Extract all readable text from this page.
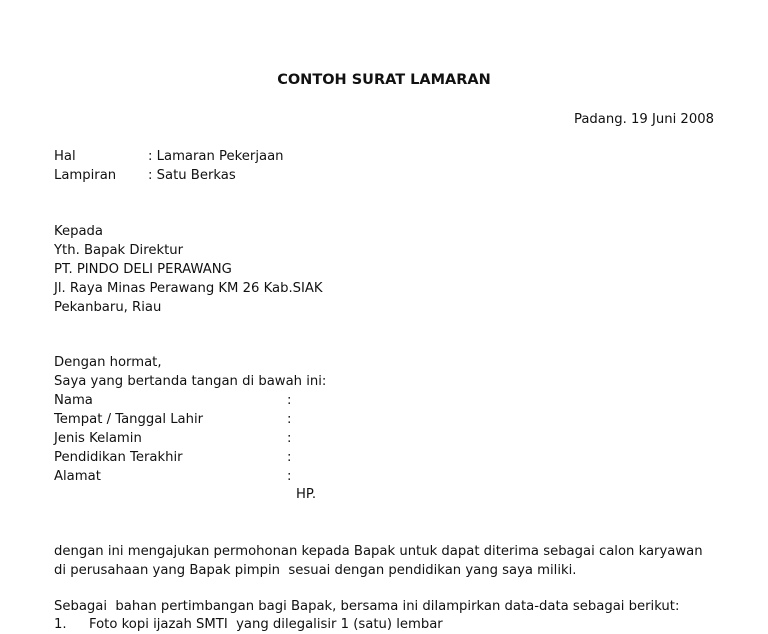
CONTOH SURAT LAMARAN
Padang. 19 Juni 2008
Hal	: Lamaran Pekerjaan
Lampiran : Satu Berkas
Kepada
Yth. Bapak Direktur
PT. PINDO DELI PERAWANG
Jl. Raya Minas Perawang KM 26 Kab.SIAK
Pekanbaru, Riau
Dengan hormat,
Saya yang bertanda tangan di bawah ini:
Nama	:
Tempat / Tanggal Lahir	:
Jenis Kelamin	:
Pendidikan Terakhir	:
Alamat	:
HP.
dengan ini mengajukan permohonan kepada Bapak untuk dapat diterima sebagai calon karyawan
di perusahaan yang Bapak pimpin  sesuai dengan pendidikan yang saya miliki.
Sebagai  bahan pertimbangan bagi Bapak, bersama ini dilampirkan data-data sebagai berikut:
1. Foto kopi ijazah SMTI  yang dilegalisir 1 (satu) lembar
